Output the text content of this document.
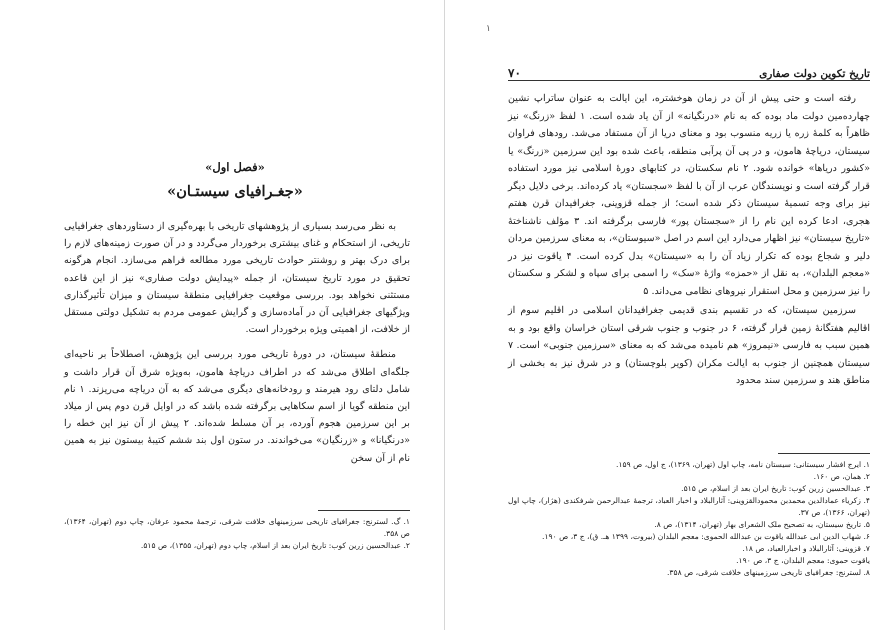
«فصل اول»
«جغـرافیای سیستـان»

به نظر می‌رسد بسیاری از پژوهشهای تاریخی با بهره‌گیری از دستاوردهای جغرافیایی تاریخی، از استحکام و غنای بیشتری برخوردار می‌گردد و در آن صورت زمینه‌های لازم را برای درک بهتر و روشنتر حوادث تاریخی مورد مطالعه فراهم می‌سازد. انجام هرگونه تحقیق در مورد تاریخ سیستان، از جمله «پیدایش دولت صفاری» نیز از این قاعده مستثنی نخواهد بود. بررسی موقعیت جغرافیایی منطقهٔ سیستان و میزان تأثیرگذاری ویژگیهای جغرافیایی آن در آماده‌سازی و گرایش عمومی مردم به تشکیل دولتی مستقل از خلافت، از اهمیتی ویژه برخوردار است.

منطقهٔ سیستان، در دورهٔ تاریخی مورد بررسی این پژوهش، اصطلاحاً بر ناحیه‌ای جلگه‌ای اطلاق می‌شد که در اطراف دریاچهٔ هامون، به‌ویژه شرق آن قرار داشت و شامل دلتای رود هیرمند و رودخانه‌های دیگری می‌شد که به آن دریاچه می‌ریزند. ۱ نام این منطقه گویا از اسم سکاهایی برگرفته شده باشد که در اوایل قرن دوم پس از میلاد بر این سرزمین هجوم آورده، بر آن مسلط شده‌اند. ۲ پیش از آن نیز این خطه را «درنگیانا» و «زرنگیان» می‌خواندند. در ستون اول بند ششم کتیبهٔ بیستون نیز به همین نام از آن سخن

۱. گ. لسترنج: جغرافیای تاریخی سرزمینهای خلافت شرقی، ترجمهٔ محمود عرفان، چاپ دوم (تهران، ۱۳۶۴)، ص ۳۵۸.
۲. عبدالحسین زرین کوب: تاریخ ایران بعد از اسلام، چاپ دوم (تهران، ۱۳۵۵)، ص ۵۱۵.
۱
۷۰	تاریخ تکوین دولت صفاری

رفته است و حتی پیش از آن در زمان هوخشتره، این ایالت به عنوان ساتراپ نشین چهارده‌مین دولت ماد بوده که به نام «درنگیانه» از آن یاد شده است. ۱ لفظ «زرنگ» نیز ظاهراً به کلمهٔ زره یا زریه منسوب بود و معنای دریا از آن مستفاد می‌شد. رودهای فراوان سیستان، دریاچهٔ هامون، و در پی آن پرآبی منطقه، باعث شده بود این سرزمین «زرنگ» یا «کشور دریاها» خوانده شود. ۲ نام سکستان، در کتابهای دورهٔ اسلامی نیز مورد استفاده قرار گرفته است و نویسندگان عرب از آن با لفظ «سجستان» یاد کرده‌اند. برخی دلایل دیگر نیز برای وجه تسمیهٔ سیستان ذکر شده است؛ از جمله قزوینی، جغرافیدان قرن هفتم هجری، ادعا کرده این نام را از «سجستان پور» فارسی برگرفته اند. ۳ مؤلف ناشناختهٔ «تاریخ سیستان» نیز اظهار می‌دارد این اسم در اصل «سیوستان»، به معنای سرزمین مردان دلیر و شجاع بوده که تکرار زیاد آن را به «سیستان» بدل کرده است. ۴ یاقوت نیز در «معجم البلدان»، به نقل از «حمزه» واژهٔ «سک» را اسمی برای سپاه و لشکر و سکستان را نیز سرزمین و محل استقرار نیروهای نظامی می‌داند. ۵

سرزمین سیستان، که در تقسیم بندی قدیمی جغرافیدانان اسلامی در اقلیم سوم از اقالیم هفتگانهٔ زمین قرار گرفته، ۶ در جنوب و جنوب شرقی استان خراسان واقع بود و به همین سبب به فارسی «نیمروز» هم نامیده می‌شد که به معنای «سرزمین جنوبی» است. ۷ سیستان همچنین از جنوب به ایالت مکران (کویر بلوچستان) و در شرق نیز به بخشی از مناطق هند و سرزمین سند محدود

۱. ایرج افشار سیستانی: سیستان نامه، چاپ اول (تهران، ۱۳۶۹)، ج اول، ص ۱۵۹.
۲. همان، ص ۱۶۰.
۳. عبدالحسین زرین کوب: تاریخ ایران بعد از اسلام، ص ۵۱۵.
۴. زکریاء عمادالدین محمدبن محمودالقزوینی: آثارالبلاد و اخبار العباد، ترجمهٔ عبدالرحمن شرفکندی (هژار)، چاپ اول (تهران، ۱۳۶۶)، ص ۳۷.
۵. تاریخ سیستان، به تصحیح ملک الشعرای بهار (تهران، ۱۳۱۴)، ص ۸.
۶. شهاب الدین ابی عبدالله یاقوت بن عبدالله الحموی: معجم البلدان (بیروت، ۱۳۹۹ هـ. ق)، ج ۳، ص ۱۹۰.
۷. قزوینی: آثارالبلاد و اخبارالعباد، ص ۱۸.
یاقوت حموی: معجم البلدان، ج ۳، ص ۱۹۰.
۸. لسترنج: جغرافیای تاریخی سرزمینهای خلافت شرقی، ص ۳۵۸.
